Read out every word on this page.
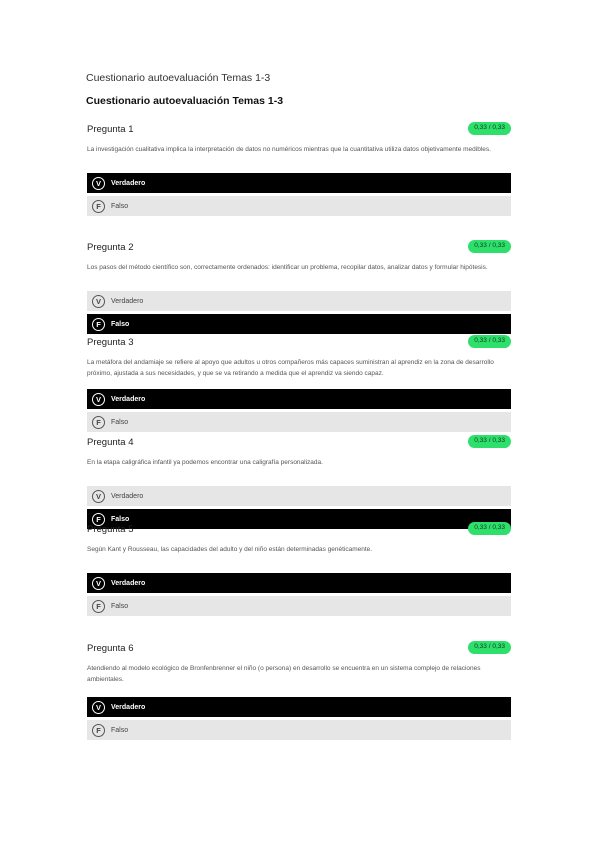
Cuestionario autoevaluación Temas 1-3
Cuestionario autoevaluación Temas 1-3
Pregunta 1	0,33 / 0,33
La investigación cualitativa implica la interpretación de datos no numéricos mientras que la cuantitativa utiliza datos objetivamente medibles.
V	Verdadero
F	Falso
Pregunta 2	0,33 / 0,33
Los pasos del método científico son, correctamente ordenados: identificar un problema, recopilar datos, analizar datos y formular hipótesis.
V	Verdadero
F	Falso
Pregunta 3	0,33 / 0,33
La metáfora del andamiaje se refiere al apoyo que adultos u otros compañeros más capaces suministran al aprendiz en la zona de desarrollo próximo, ajustada a sus necesidades, y que se va retirando a medida que el aprendiz va siendo capaz.
V	Verdadero
F	Falso
Pregunta 4	0,33 / 0,33
En la etapa caligráfica infantil ya podemos encontrar una caligrafía personalizada.
V	Verdadero
F	Falso
Pregunta 5	0,33 / 0,33
Según Kant y Rousseau, las capacidades del adulto y del niño están determinadas genéticamente.
V	Verdadero
F	Falso
Pregunta 6	0,33 / 0,33
Atendiendo al modelo ecológico de Bronfenbrenner el niño (o persona) en desarrollo se encuentra en un sistema complejo de relaciones ambientales.
V	Verdadero
F	Falso
